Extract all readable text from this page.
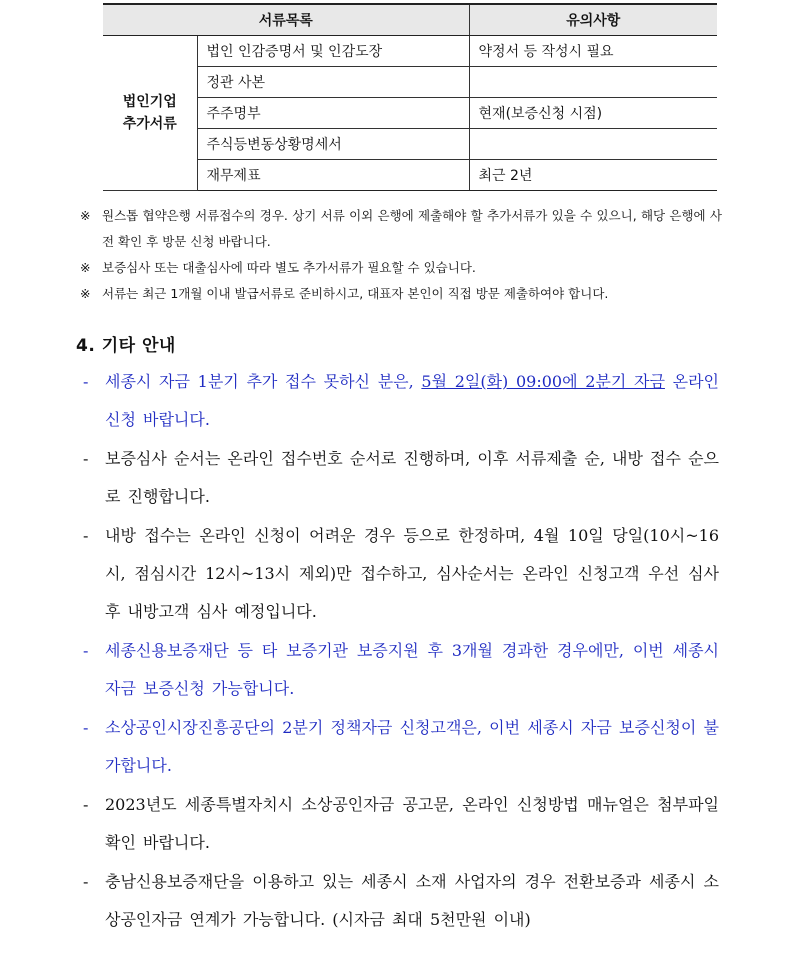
서류목록		유의사항
법인기업
추가서류	법인 인감증명서 및 인감도장	약정서 등 작성시 필요
	정관 사본	
	주주명부	현재(보증신청 시점)
	주식등변동상황명세서	
	재무제표	최근 2년
※ 원스톱 협약은행 서류접수의 경우. 상기 서류 이외 은행에 제출해야 할 추가서류가 있을 수 있으니, 해당 은행에 사전 확인 후 방문 신청 바랍니다.
※ 보증심사 또는 대출심사에 따라 별도 추가서류가 필요할 수 있습니다.
※ 서류는 최근 1개월 이내 발급서류로 준비하시고, 대표자 본인이 직접 방문 제출하여야 합니다.
4. 기타 안내
-	세종시 자금 1분기 추가 접수 못하신 분은, 5월 2일(화) 09:00에 2분기 자금 온라인 신청 바랍니다.
-	보증심사 순서는 온라인 접수번호 순서로 진행하며, 이후 서류제출 순, 내방 접수 순으로 진행합니다.
-	내방 접수는 온라인 신청이 어려운 경우 등으로 한정하며, 4월 10일 당일(10시~16시, 점심시간 12시~13시 제외)만 접수하고, 심사순서는 온라인 신청고객 우선 심사 후 내방고객 심사 예정입니다.
-	세종신용보증재단 등 타 보증기관 보증지원 후 3개월 경과한 경우에만, 이번 세종시 자금 보증신청 가능합니다.
-	소상공인시장진흥공단의 2분기 정책자금 신청고객은, 이번 세종시 자금 보증신청이 불가합니다.
-	2023년도 세종특별자치시 소상공인자금 공고문, 온라인 신청방법 매뉴얼은 첨부파일 확인 바랍니다.
-	충남신용보증재단을 이용하고 있는 세종시 소재 사업자의 경우 전환보증과 세종시 소상공인자금 연계가 가능합니다. (시자금 최대 5천만원 이내)
